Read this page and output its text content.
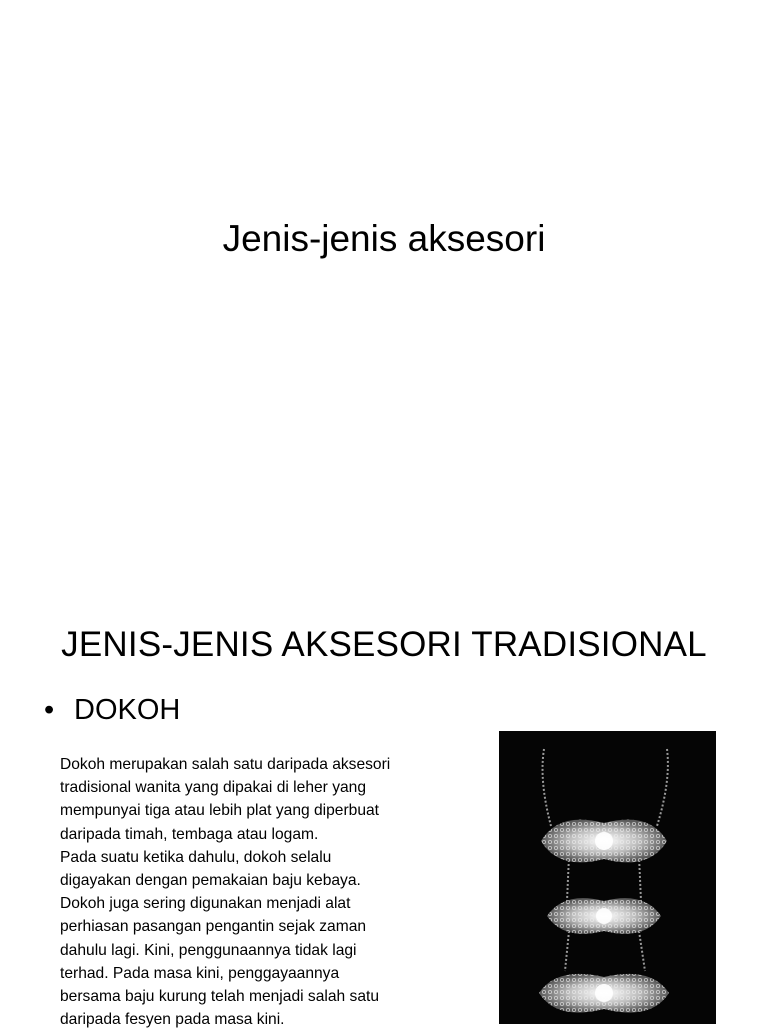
Jenis-jenis aksesori
JENIS-JENIS AKSESORI TRADISIONAL
• DOKOH

Dokoh merupakan salah satu daripada aksesori

tradisional wanita yang dipakai di leher yang

mempunyai tiga atau lebih plat yang diperbuat

daripada timah, tembaga atau logam.

Pada suatu ketika dahulu, dokoh selalu

digayakan dengan pemakaian baju kebaya.

Dokoh juga sering digunakan menjadi alat

perhiasan pasangan pengantin sejak zaman

dahulu lagi. Kini, penggunaannya tidak lagi

terhad. Pada masa kini, penggayaannya

bersama baju kurung telah menjadi salah satu

daripada fesyen pada masa kini.
